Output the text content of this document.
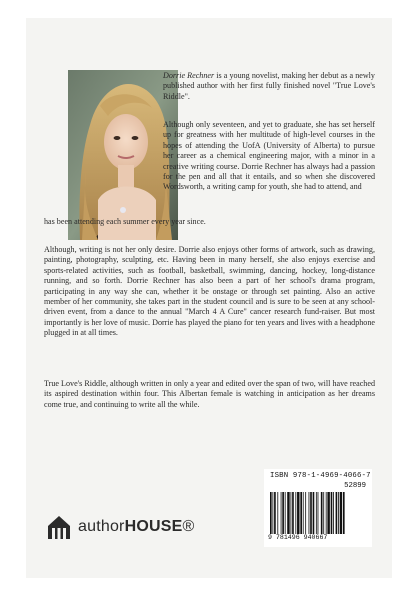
Dorrie Rechner is a young novelist, making her debut as a newly published author with her first fully finished novel "True Love's Riddle".

Although only seventeen, and yet to graduate, she has set herself up for greatness with her multitude of high-level courses in the hopes of attending the UofA (University of Alberta) to pursue her career as a chemical engineering major, with a minor in a creative writing course. Dorrie Rechner has always had a passion for the pen and all that it entails, and so when she discovered Wordsworth, a writing camp for youth, she had to attend, and

has been attending each summer every year since.

Although, writing is not her only desire. Dorrie also enjoys other forms of artwork, such as drawing, painting, photography, sculpting, etc. Having been in many herself, she also enjoys exercise and sports-related activities, such as football, basketball, swimming, dancing, hockey, long-distance running, and so forth. Dorrie Rechner has also been a part of her school's drama program, participating in any way she can, whether it be onstage or through set painting. Also an active member of her community, she takes part in the student council and is sure to be seen at any school-driven event, from a dance to the annual "March 4 A Cure" cancer research fund-raiser. But most importantly is her love of music. Dorrie has played the piano for ten years and lives with a headphone plugged in at all times.

True Love's Riddle, although written in only a year and edited over the span of two, will have reached its aspired destination within four. This Albertan female is watching in anticipation as her dreams come true, and continuing to write all the while.

authorHOUSE®
ISBN 978-1-4969-4066-7
52899
9 781496 940667
